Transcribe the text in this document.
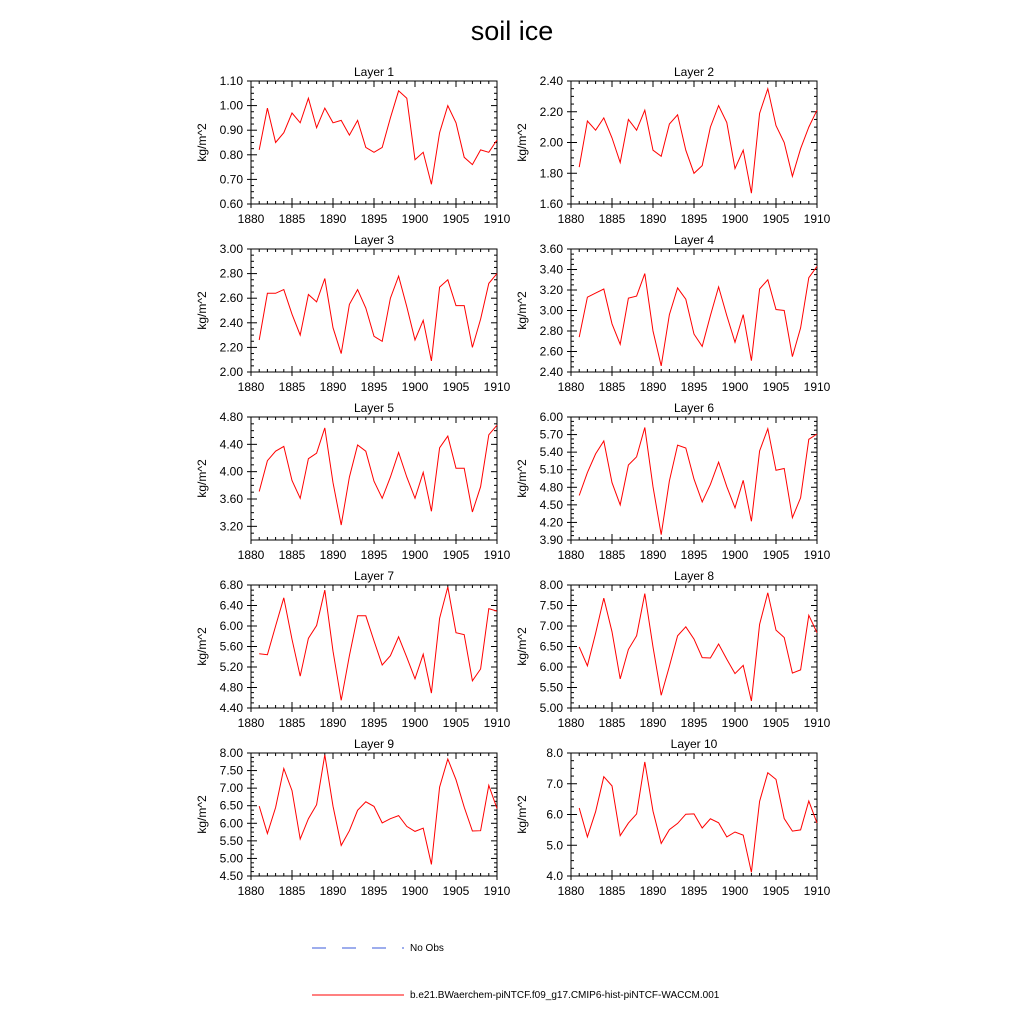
soil ice
Layer 1
kg/m^2
1880 1885 1890 1895 1900 1905 1910
0.60
0.70
0.80
0.90
1.00
1.10
Layer 2
kg/m^2
1880 1885 1890 1895 1900 1905 1910
1.60
1.80
2.00
2.20
2.40
Layer 3
kg/m^2
1880 1885 1890 1895 1900 1905 1910
2.00
2.20
2.40
2.60
2.80
3.00
Layer 4
kg/m^2
1880 1885 1890 1895 1900 1905 1910
2.40
2.60
2.80
3.00
3.20
3.40
3.60
Layer 5
kg/m^2
1880 1885 1890 1895 1900 1905 1910
3.20
3.60
4.00
4.40
4.80
Layer 6
kg/m^2
1880 1885 1890 1895 1900 1905 1910
3.90
4.20
4.50
4.80
5.10
5.40
5.70
6.00
Layer 7
kg/m^2
1880 1885 1890 1895 1900 1905 1910
4.40
4.80
5.20
5.60
6.00
6.40
6.80
Layer 8
kg/m^2
1880 1885 1890 1895 1900 1905 1910
5.00
5.50
6.00
6.50
7.00
7.50
8.00
Layer 9
kg/m^2
1880 1885 1890 1895 1900 1905 1910
4.50
5.00
5.50
6.00
6.50
7.00
7.50
8.00
Layer 10
kg/m^2
1880 1885 1890 1895 1900 1905 1910
4.0
5.0
6.0
7.0
8.0
No Obs
b.e21.BWaerchem-piNTCF.f09_g17.CMIP6-hist-piNTCF-WACCM.001
